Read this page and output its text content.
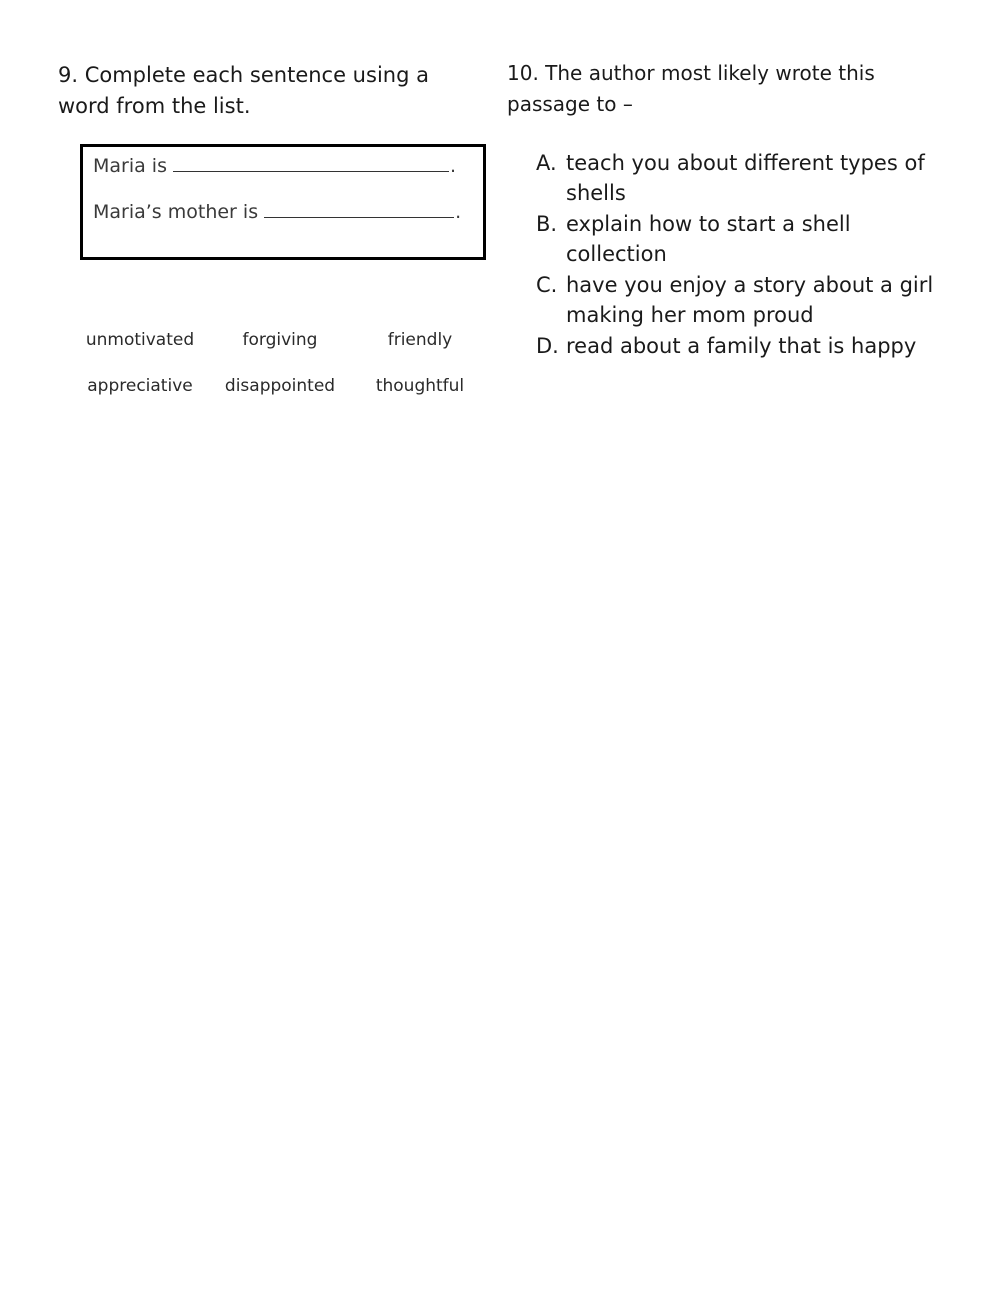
9. Complete each sentence using a word from the list.

Maria is	.
Maria’s mother is	.
unmotivated	forgiving	friendly
appreciative	disappointed	thoughtful

10. The author most likely wrote this passage to –

A. teach you about different types of shells
B. explain how to start a shell collection
C. have you enjoy a story about a girl making her mom proud
D. read about a family that is happy
